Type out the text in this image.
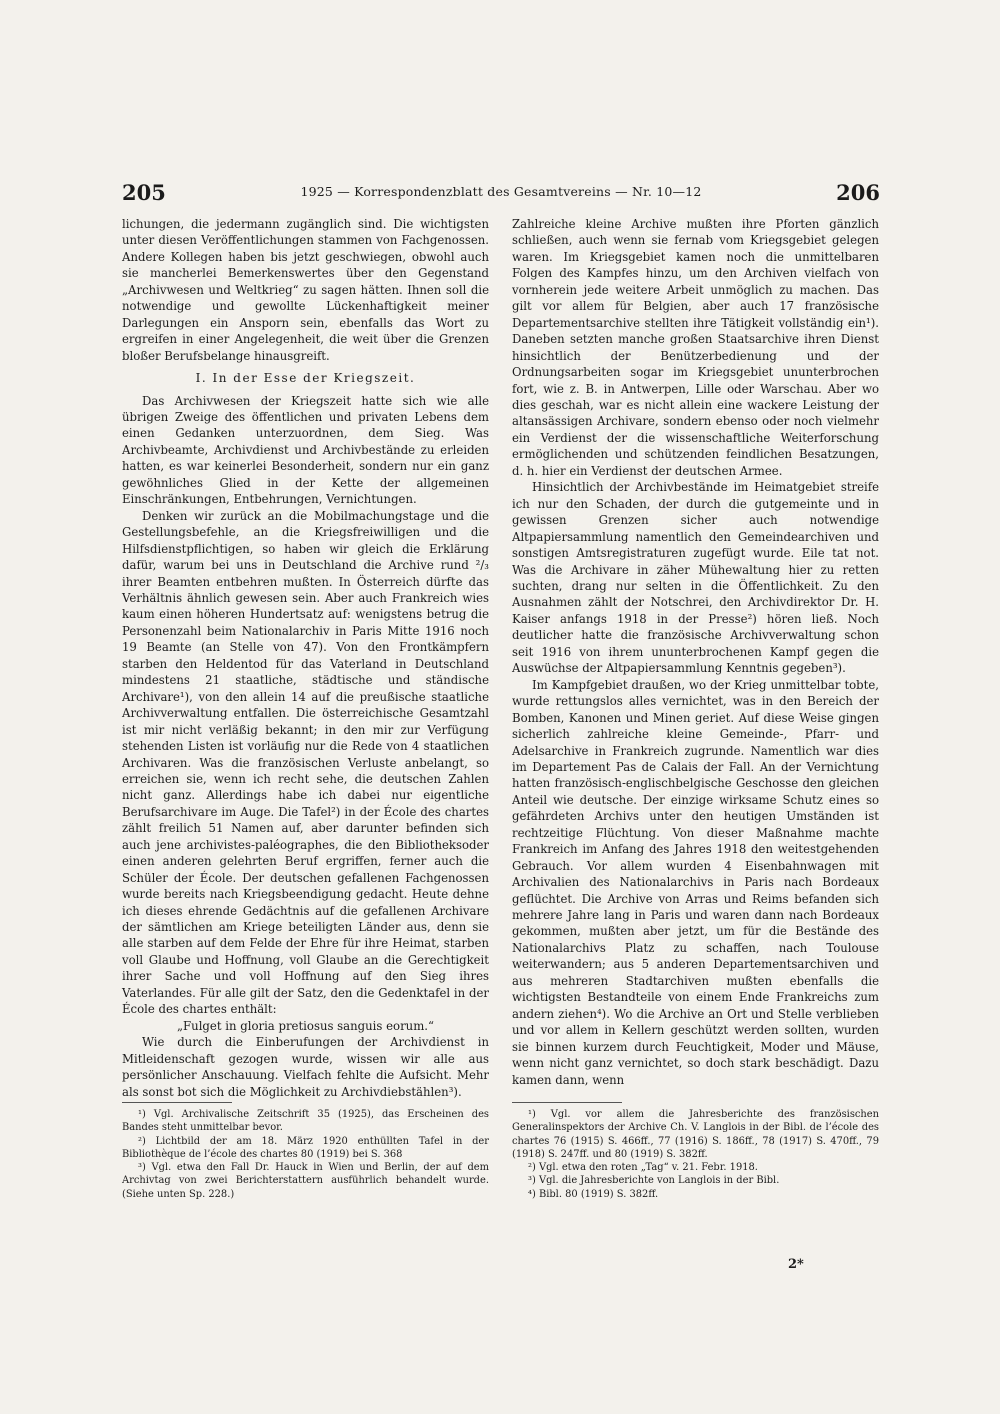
205	1925 — Korrespondenzblatt des Gesamtvereins — Nr. 10—12	206

lichungen, die jedermann zugänglich sind. Die wichtigsten unter diesen Veröffentlichungen stammen von Fachgenossen. Andere Kollegen haben bis jetzt geschwiegen, obwohl auch sie mancherlei Bemerkenswertes über den Gegenstand „Archivwesen und Weltkrieg“ zu sagen hätten. Ihnen soll die notwendige und gewollte Lückenhaftigkeit meiner Darlegungen ein Ansporn sein, ebenfalls das Wort zu ergreifen in einer Angelegenheit, die weit über die Grenzen bloßer Berufsbelange hinausgreift.

I. In der Esse der Kriegszeit.

Das Archivwesen der Kriegszeit hatte sich wie alle übrigen Zweige des öffentlichen und privaten Lebens dem einen Gedanken unterzuordnen, dem Sieg. Was Archivbeamte, Archivdienst und Archivbestände zu erleiden hatten, es war keinerlei Besonderheit, sondern nur ein ganz gewöhnliches Glied in der Kette der allgemeinen Einschränkungen, Entbehrungen, Vernichtungen.

Denken wir zurück an die Mobilmachungstage und die Gestellungsbefehle, an die Kriegsfreiwilligen und die Hilfsdienstpflichtigen, so haben wir gleich die Erklärung dafür, warum bei uns in Deutschland die Archive rund ²/₃ ihrer Beamten entbehren mußten. In Österreich dürfte das Verhältnis ähnlich gewesen sein. Aber auch Frankreich wies kaum einen höheren Hundertsatz auf: wenigstens betrug die Personenzahl beim Nationalarchiv in Paris Mitte 1916 noch 19 Beamte (an Stelle von 47). Von den Frontkämpfern starben den Heldentod für das Vaterland in Deutschland mindestens 21 staatliche, städtische und ständische Archivare¹), von den allein 14 auf die preußische staatliche Archivverwaltung entfallen. Die österreichische Gesamtzahl ist mir nicht verläßig bekannt; in den mir zur Verfügung stehenden Listen ist vorläufig nur die Rede von 4 staatlichen Archivaren. Was die französischen Verluste anbelangt, so erreichen sie, wenn ich recht sehe, die deutschen Zahlen nicht ganz. Allerdings habe ich dabei nur eigentliche Berufsarchivare im Auge. Die Tafel²) in der École des chartes zählt freilich 51 Namen auf, aber darunter befinden sich auch jene archivistes-paléographes, die den Bibliotheksoder einen anderen gelehrten Beruf ergriffen, ferner auch die Schüler der École. Der deutschen gefallenen Fachgenossen wurde bereits nach Kriegsbeendigung gedacht. Heute dehne ich dieses ehrende Gedächtnis auf die gefallenen Archivare der sämtlichen am Kriege beteiligten Länder aus, denn sie alle starben auf dem Felde der Ehre für ihre Heimat, starben voll Glaube und Hoffnung, voll Glaube an die Gerechtigkeit ihrer Sache und voll Hoffnung auf den Sieg ihres Vaterlandes. Für alle gilt der Satz, den die Gedenktafel in der École des chartes enthält:

„Fulget in gloria pretiosus sanguis eorum.“

Wie durch die Einberufungen der Archivdienst in Mitleidenschaft gezogen wurde, wissen wir alle aus persönlicher Anschauung. Vielfach fehlte die Aufsicht. Mehr als sonst bot sich die Möglichkeit zu Archivdiebstählen³).

Zahlreiche kleine Archive mußten ihre Pforten gänzlich schließen, auch wenn sie fernab vom Kriegsgebiet gelegen waren. Im Kriegsgebiet kamen noch die unmittelbaren Folgen des Kampfes hinzu, um den Archiven vielfach von vornherein jede weitere Arbeit unmöglich zu machen. Das gilt vor allem für Belgien, aber auch 17 französische Departementsarchive stellten ihre Tätigkeit vollständig ein¹). Daneben setzten manche großen Staatsarchive ihren Dienst hinsichtlich der Benützerbedienung und der Ordnungsarbeiten sogar im Kriegsgebiet ununterbrochen fort, wie z. B. in Antwerpen, Lille oder Warschau. Aber wo dies geschah, war es nicht allein eine wackere Leistung der altansässigen Archivare, sondern ebenso oder noch vielmehr ein Verdienst der die wissenschaftliche Weiterforschung ermöglichenden und schützenden feindlichen Besatzungen, d. h. hier ein Verdienst der deutschen Armee.

Hinsichtlich der Archivbestände im Heimatgebiet streife ich nur den Schaden, der durch die gutgemeinte und in gewissen Grenzen sicher auch notwendige Altpapiersammlung namentlich den Gemeindearchiven und sonstigen Amtsregistraturen zugefügt wurde. Eile tat not. Was die Archivare in zäher Mühewaltung hier zu retten suchten, drang nur selten in die Öffentlichkeit. Zu den Ausnahmen zählt der Notschrei, den Archivdirektor Dr. H. Kaiser anfangs 1918 in der Presse²) hören ließ. Noch deutlicher hatte die französische Archivverwaltung schon seit 1916 von ihrem ununterbrochenen Kampf gegen die Auswüchse der Altpapiersammlung Kenntnis gegeben³).

Im Kampfgebiet draußen, wo der Krieg unmittelbar tobte, wurde rettungslos alles vernichtet, was in den Bereich der Bomben, Kanonen und Minen geriet. Auf diese Weise gingen sicherlich zahlreiche kleine Gemeinde-, Pfarr- und Adelsarchive in Frankreich zugrunde. Namentlich war dies im Departement Pas de Calais der Fall. An der Vernichtung hatten französisch-englischbelgische Geschosse den gleichen Anteil wie deutsche. Der einzige wirksame Schutz eines so gefährdeten Archivs unter den heutigen Umständen ist rechtzeitige Flüchtung. Von dieser Maßnahme machte Frankreich im Anfang des Jahres 1918 den weitestgehenden Gebrauch. Vor allem wurden 4 Eisenbahnwagen mit Archivalien des Nationalarchivs in Paris nach Bordeaux geflüchtet. Die Archive von Arras und Reims befanden sich mehrere Jahre lang in Paris und waren dann nach Bordeaux gekommen, mußten aber jetzt, um für die Bestände des Nationalarchivs Platz zu schaffen, nach Toulouse weiterwandern; aus 5 anderen Departementsarchiven und aus mehreren Stadtarchiven mußten ebenfalls die wichtigsten Bestandteile von einem Ende Frankreichs zum andern ziehen⁴). Wo die Archive an Ort und Stelle verblieben und vor allem in Kellern geschützt werden sollten, wurden sie binnen kurzem durch Feuchtigkeit, Moder und Mäuse, wenn nicht ganz vernichtet, so doch stark beschädigt. Dazu kamen dann, wenn

¹) Vgl. Archivalische Zeitschrift 35 (1925), das Erscheinen des Bandes steht unmittelbar bevor.

²) Lichtbild der am 18. März 1920 enthüllten Tafel in der Bibliothèque de l’école des chartes 80 (1919) bei S. 368

³) Vgl. etwa den Fall Dr. Hauck in Wien und Berlin, der auf dem Archivtag von zwei Berichterstattern ausführlich behandelt wurde. (Siehe unten Sp. 228.)

¹) Vgl. vor allem die Jahresberichte des französischen Generalinspektors der Archive Ch. V. Langlois in der Bibl. de l’école des chartes 76 (1915) S. 466ff., 77 (1916) S. 186ff., 78 (1917) S. 470ff., 79 (1918) S. 247ff. und 80 (1919) S. 382ff.

²) Vgl. etwa den roten „Tag“ v. 21. Febr. 1918.

³) Vgl. die Jahresberichte von Langlois in der Bibl.

⁴) Bibl. 80 (1919) S. 382ff.

2*
